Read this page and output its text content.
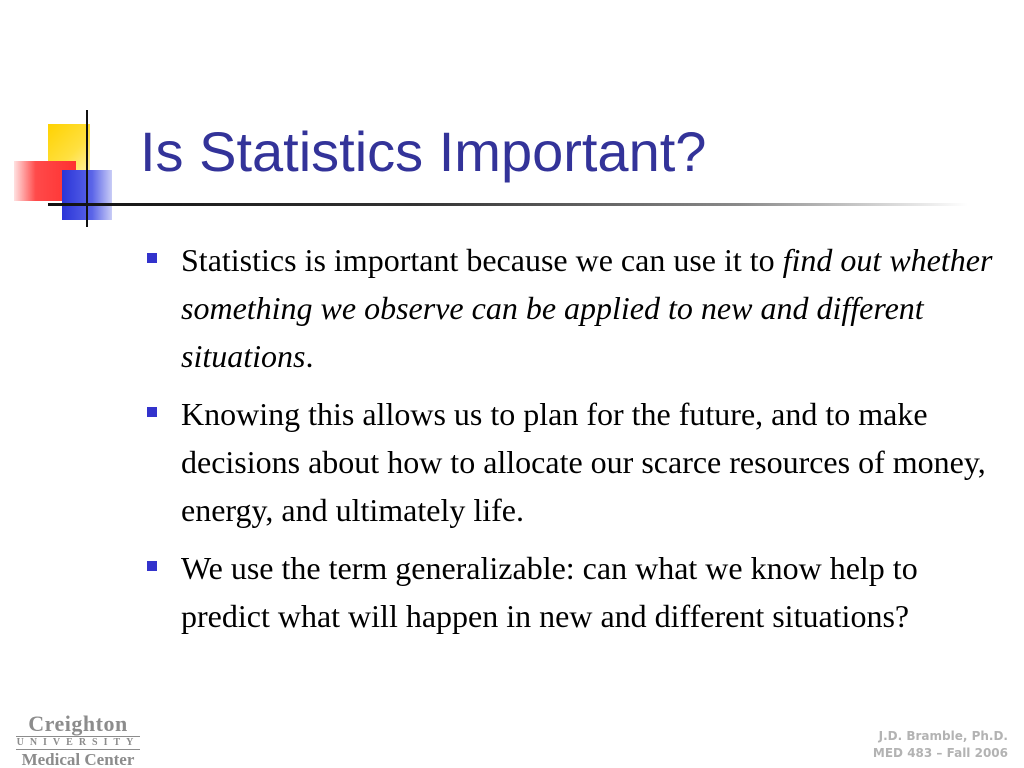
Is Statistics Important?
Statistics is important because we can use it to find out whether something we observe can be applied to new and different situations.
Knowing this allows us to plan for the future, and to make decisions about how to allocate our scarce resources of money, energy, and ultimately life.
We use the term generalizable: can what we know help to predict what will happen in new and different situations?
Creighton
UNIVERSITY
Medical Center
J.D. Bramble, Ph.D.
MED 483 – Fall 2006
